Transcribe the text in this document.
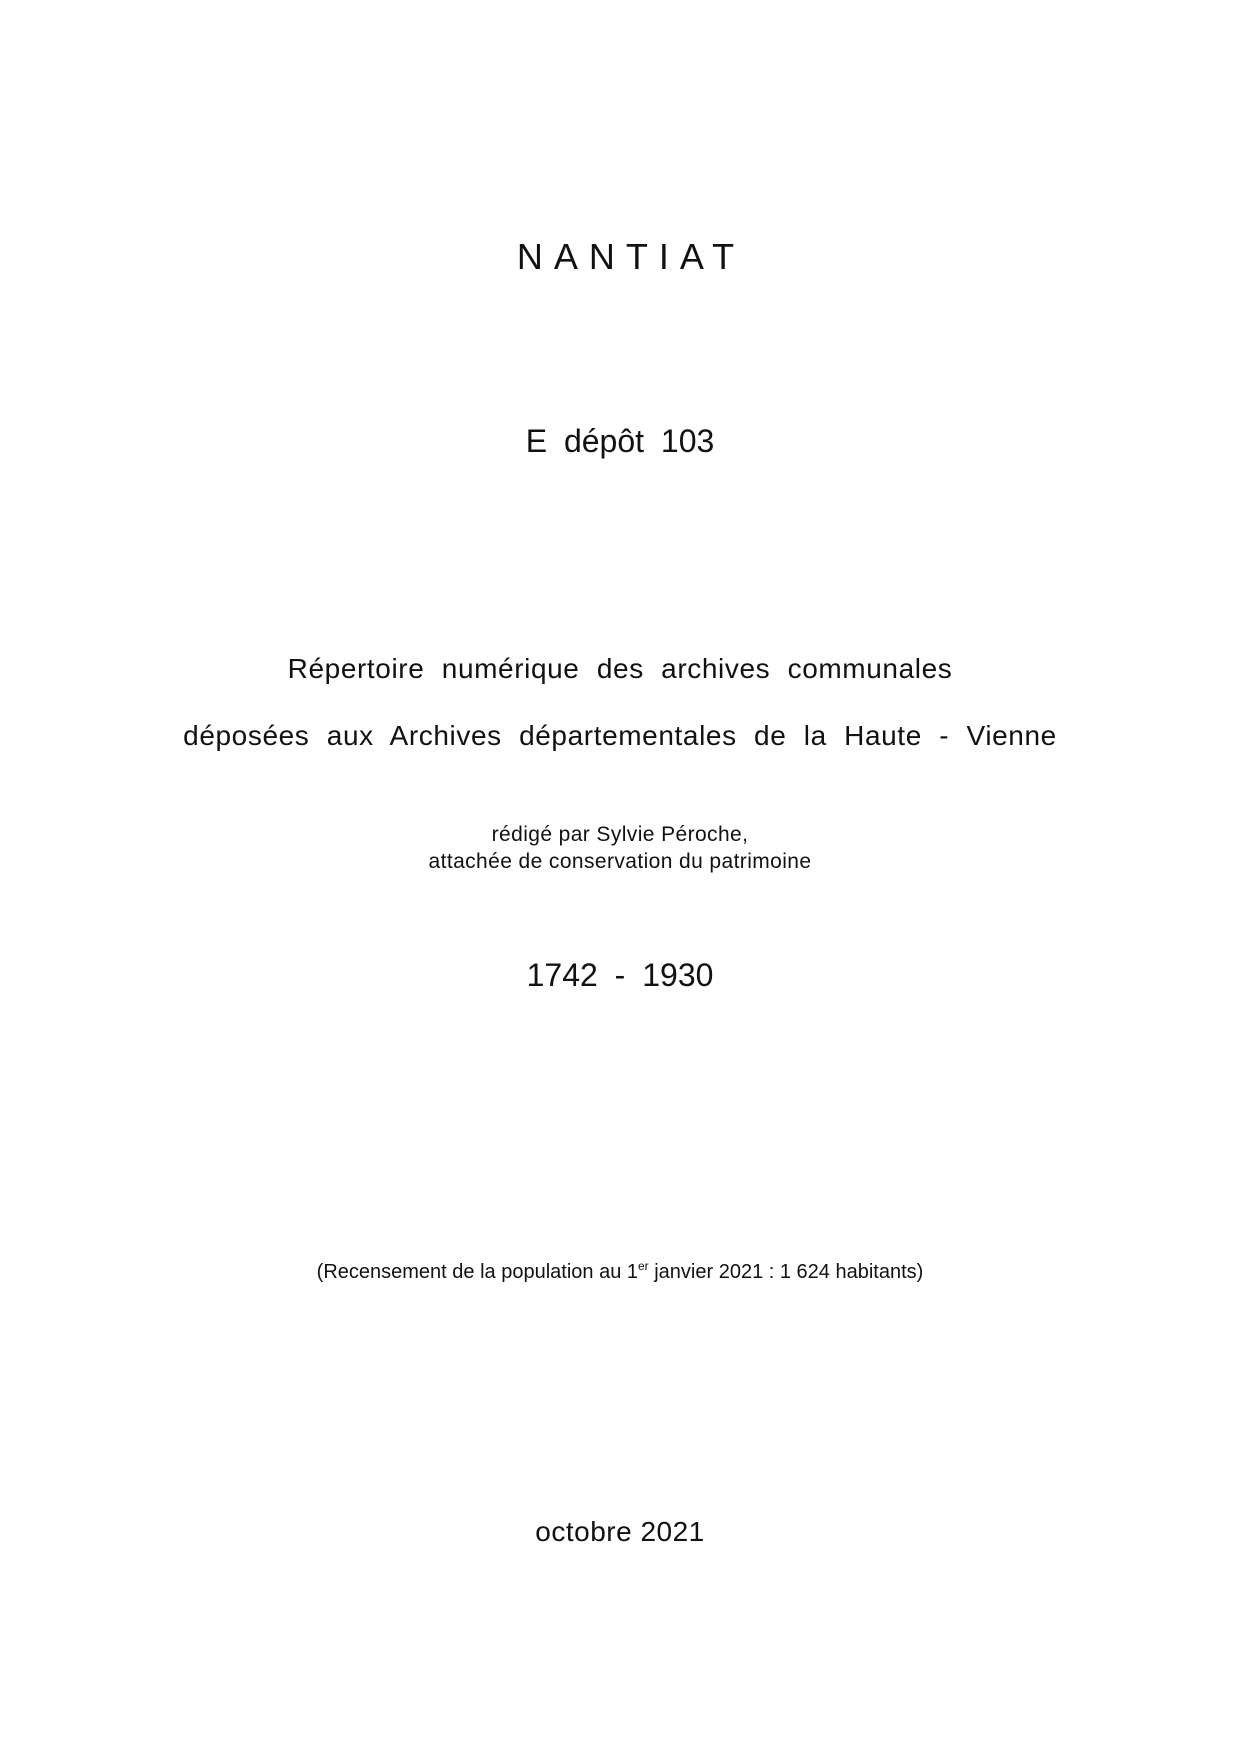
NANTIAT
E dépôt 103
Répertoire numérique des archives communales
déposées aux Archives départementales de la Haute - Vienne
rédigé par Sylvie Péroche,
attachée de conservation du patrimoine
1742 - 1930
(Recensement de la population au 1er janvier 2021 : 1 624 habitants)
octobre 2021
